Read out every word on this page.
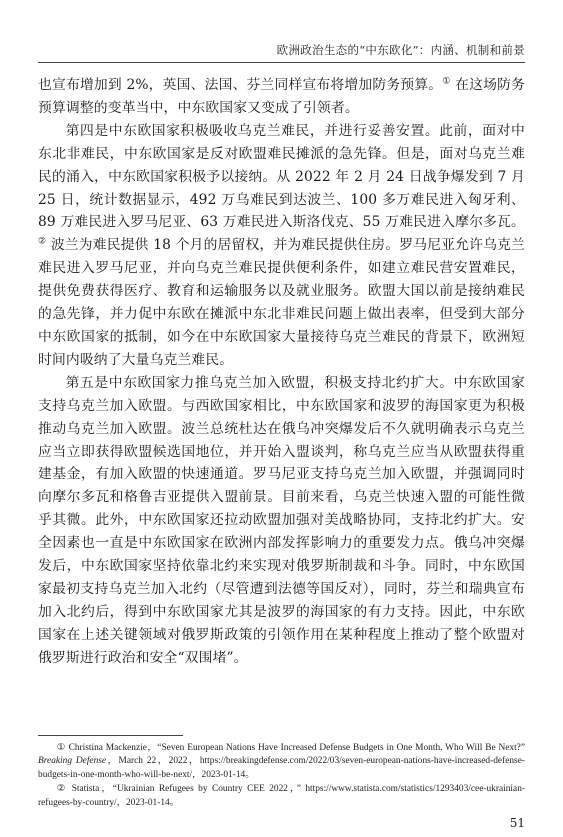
欧洲政治生态的“中东欧化”：内涵、机制和前景

也宣布增加到 2%，英国、法国、芬兰同样宣布将增加防务预算。① 在这场防务预算调整的变革当中，中东欧国家又变成了引领者。

第四是中东欧国家积极吸收乌克兰难民，并进行妥善安置。此前，面对中东北非难民，中东欧国家是反对欧盟难民摊派的急先锋。但是，面对乌克兰难民的涌入，中东欧国家积极予以接纳。从 2022 年 2 月 24 日战争爆发到 7 月 25 日，统计数据显示，492 万乌难民到达波兰、100 多万难民进入匈牙利、89 万难民进入罗马尼亚、63 万难民进入斯洛伐克、55 万难民进入摩尔多瓦。② 波兰为难民提供 18 个月的居留权，并为难民提供住房。罗马尼亚允许乌克兰难民进入罗马尼亚，并向乌克兰难民提供便利条件，如建立难民营安置难民，提供免费获得医疗、教育和运输服务以及就业服务。欧盟大国以前是接纳难民的急先锋，并力促中东欧在摊派中东北非难民问题上做出表率，但受到大部分中东欧国家的抵制，如今在中东欧国家大量接待乌克兰难民的背景下，欧洲短时间内吸纳了大量乌克兰难民。

第五是中东欧国家力推乌克兰加入欧盟，积极支持北约扩大。中东欧国家支持乌克兰加入欧盟。与西欧国家相比，中东欧国家和波罗的海国家更为积极推动乌克兰加入欧盟。波兰总统杜达在俄乌冲突爆发后不久就明确表示乌克兰应当立即获得欧盟候选国地位，并开始入盟谈判，称乌克兰应当从欧盟获得重建基金，有加入欧盟的快速通道。罗马尼亚支持乌克兰加入欧盟，并强调同时向摩尔多瓦和格鲁吉亚提供入盟前景。目前来看，乌克兰快速入盟的可能性微乎其微。此外，中东欧国家还拉动欧盟加强对美战略协同，支持北约扩大。安全因素也一直是中东欧国家在欧洲内部发挥影响力的重要发力点。俄乌冲突爆发后，中东欧国家坚持依靠北约来实现对俄罗斯制裁和斗争。同时，中东欧国家最初支持乌克兰加入北约（尽管遭到法德等国反对），同时，芬兰和瑞典宣布加入北约后，得到中东欧国家尤其是波罗的海国家的有力支持。因此，中东欧国家在上述关键领域对俄罗斯政策的引领作用在某种程度上推动了整个欧盟对俄罗斯进行政治和安全“双围堵”。

① Christina Mackenzie，“Seven European Nations Have Increased Defense Budgets in One Month. Who Will Be Next?” Breaking Defense，March 22，2022，https://breakingdefense.com/2022/03/seven-european-nations-have-increased-defense-budgets-in-one-month-who-will-be-next/，2023-01-14。

② Statista，“Ukrainian Refugees by Country CEE 2022，” https://www.statista.com/statistics/1293403/cee-ukrainian-refugees-by-country/，2023-01-14。

51
